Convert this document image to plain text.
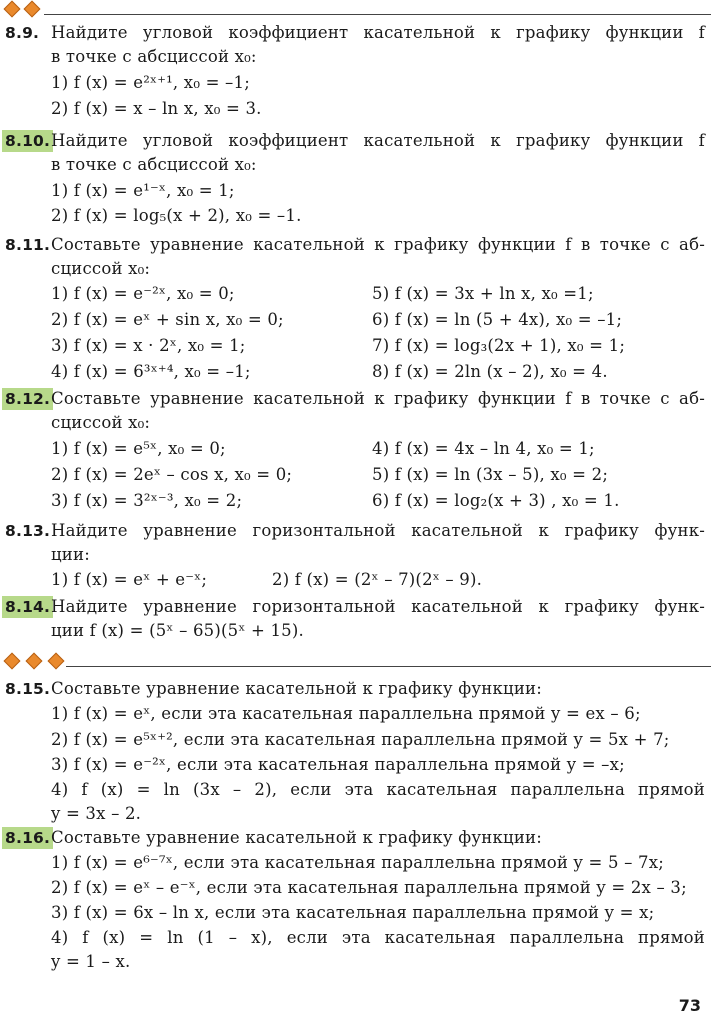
8.9. Найдите угловой коэффициент касательной к графику функции f
в точке с абсциссой x₀:
1) f (x) = e²ˣ⁺¹, x₀ = –1;
2) f (x) = x – ln x, x₀ = 3.
8.10. Найдите угловой коэффициент касательной к графику функции f
в точке с абсциссой x₀:
1) f (x) = e¹⁻ˣ, x₀ = 1;
2) f (x) = log₅(x + 2), x₀ = –1.
8.11. Составьте уравнение касательной к графику функции f в точке с аб-
сциссой x₀:
1) f (x) = e⁻²ˣ, x₀ = 0;	5) f (x) = 3x + ln x, x₀ =1;
2) f (x) = eˣ + sin x, x₀ = 0;	6) f (x) = ln (5 + 4x), x₀ = –1;
3) f (x) = x · 2ˣ, x₀ = 1;	7) f (x) = log₃(2x + 1), x₀ = 1;
4) f (x) = 6³ˣ⁺⁴, x₀ = –1;	8) f (x) = 2ln (x – 2), x₀ = 4.
8.12. Составьте уравнение касательной к графику функции f в точке с аб-
сциссой x₀:
1) f (x) = e⁵ˣ, x₀ = 0;	4) f (x) = 4x – ln 4, x₀ = 1;
2) f (x) = 2eˣ – cos x, x₀ = 0;	5) f (x) = ln (3x – 5), x₀ = 2;
3) f (x) = 3²ˣ⁻³, x₀ = 2;	6) f (x) = log₂(x + 3) , x₀ = 1.
8.13. Найдите уравнение горизонтальной касательной к графику функ-
ции:
1) f (x) = eˣ + e⁻ˣ;	2) f (x) = (2ˣ – 7)(2ˣ – 9).
8.14. Найдите уравнение горизонтальной касательной к графику функ-
ции f (x) = (5ˣ – 65)(5ˣ + 15).
8.15. Составьте уравнение касательной к графику функции:
1) f (x) = eˣ, если эта касательная параллельна прямой y = ex – 6;
2) f (x) = e⁵ˣ⁺², если эта касательная параллельна прямой y = 5x + 7;
3) f (x) = e⁻²ˣ, если эта касательная параллельна прямой y = –x;
4) f (x) = ln (3x – 2), если эта касательная параллельна прямой
y = 3x – 2.
8.16. Составьте уравнение касательной к графику функции:
1) f (x) = e⁶⁻⁷ˣ, если эта касательная параллельна прямой y = 5 – 7x;
2) f (x) = eˣ – e⁻ˣ, если эта касательная параллельна прямой y = 2x – 3;
3) f (x) = 6x – ln x, если эта касательная параллельна прямой y = x;
4) f (x) = ln (1 – x), если эта касательная параллельна прямой
y = 1 – x.
73
